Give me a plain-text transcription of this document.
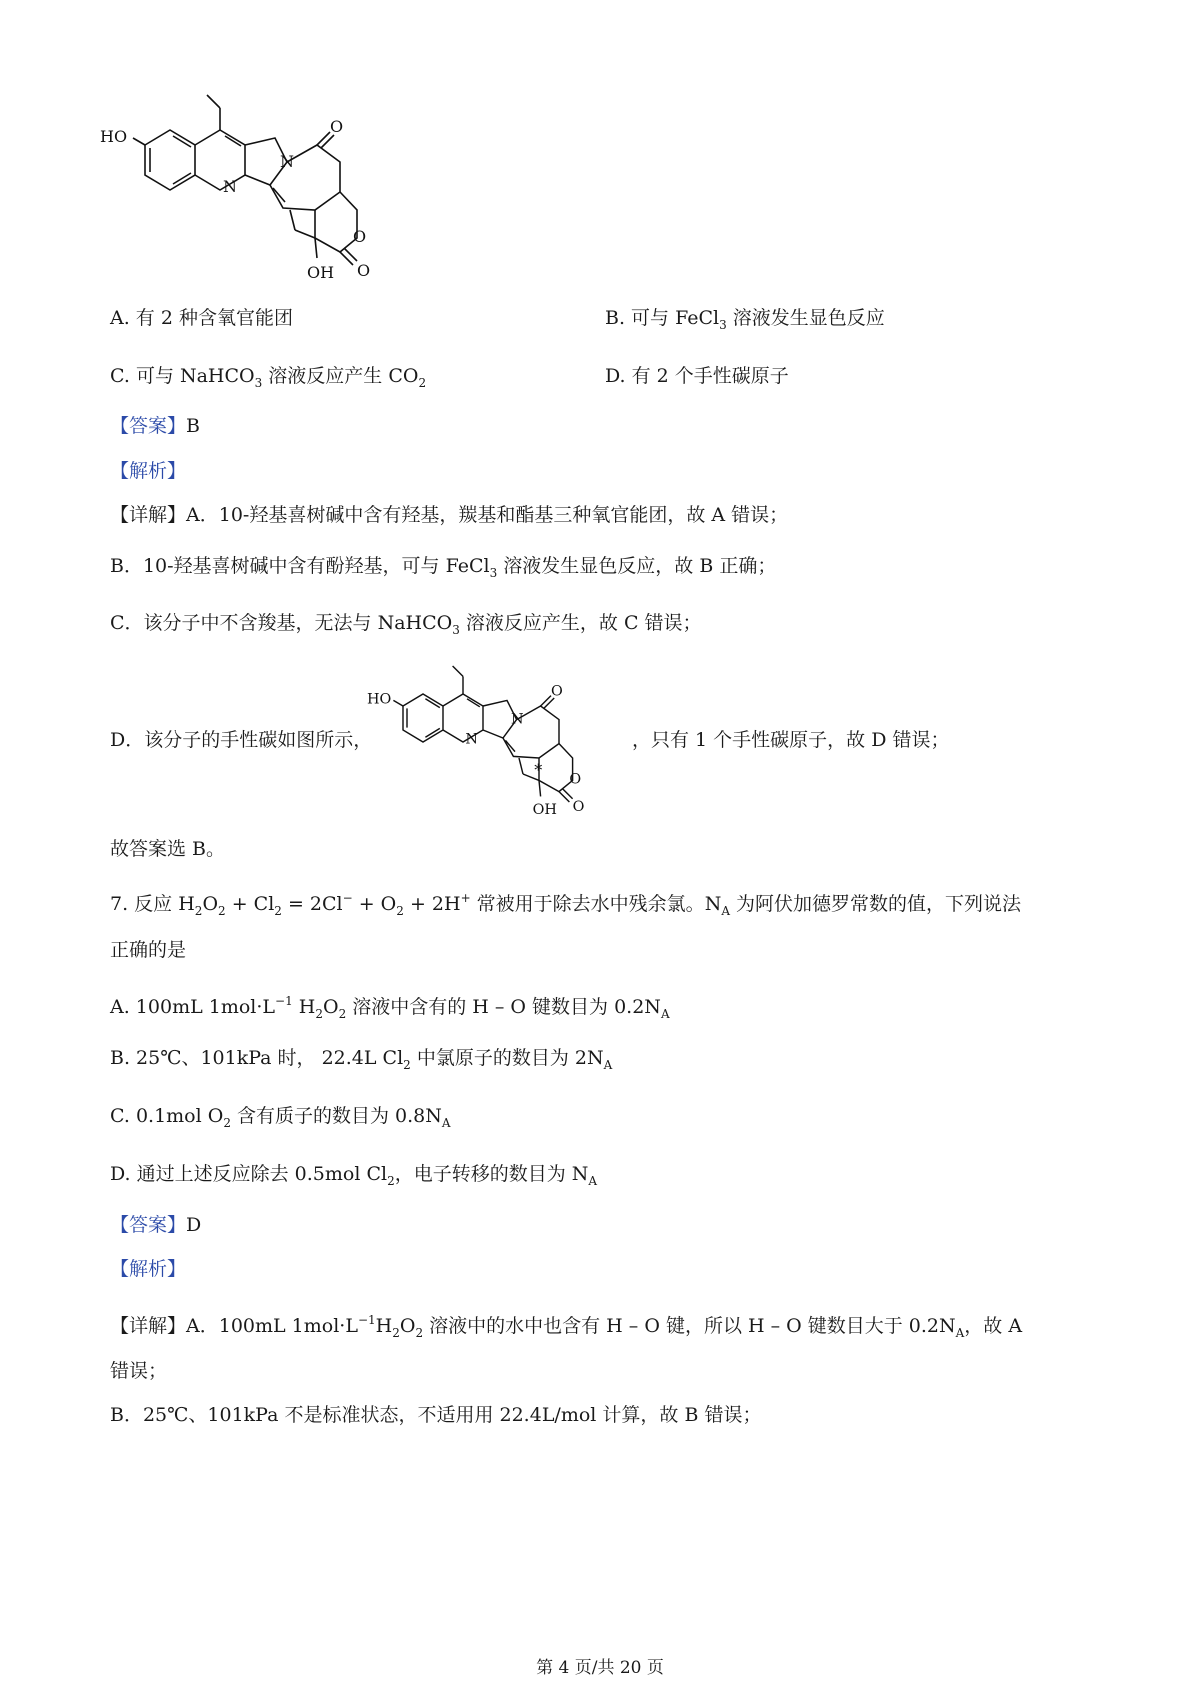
HO
N
N
O
O
O
OH
A. 有 2 种含氧官能团	B. 可与 FeCl$_3$ 溶液发生显色反应
C. 可与 NaHCO$_3$ 溶液反应产生 $CO_2$	D. 有 2 个手性碳原子
【答案】B
【解析】
【详解】A．10-羟基喜树碱中含有羟基，羰基和酯基三种氧官能团，故 A 错误；
B．10-羟基喜树碱中含有酚羟基，可与 FeCl$_3$ 溶液发生显色反应，故 B 正确；
C．该分子中不含羧基，无法与 NaHCO$_3$ 溶液反应产生，故 C 错误；
D．该分子的手性碳如图所示，
HO
N
N
O
O
O
OH
*
，只有 1 个手性碳原子，故 D 错误；
故答案选 B。
7. 反应 $H_2O_2 + Cl_2 = 2Cl^- + O_2 + 2H^+$ 常被用于除去水中残余氯。$N_A$ 为阿伏加德罗常数的值，下列说法
正确的是
A. 100mL $1mol\cdot L^{-1}$ $H_2O_2$ 溶液中含有的 H – O 键数目为 $0.2N_A$
B. 25℃、101kPa 时， 22.4L $Cl_2$ 中氯原子的数目为 $2N_A$
C. 0.1mol $O_2$ 含有质子的数目为 $0.8N_A$
D. 通过上述反应除去 0.5mol $Cl_2$，电子转移的数目为 $N_A$
【答案】D
【解析】
【详解】A．100mL $1mol\cdot L^{-1}H_2O_2$ 溶液中的水中也含有 H – O 键，所以 H – O 键数目大于 $0.2N_A$，故 A
错误；
B．25℃、101kPa 不是标准状态，不适用用 22.4L/mol 计算，故 B 错误；
第 4 页/共 20 页
